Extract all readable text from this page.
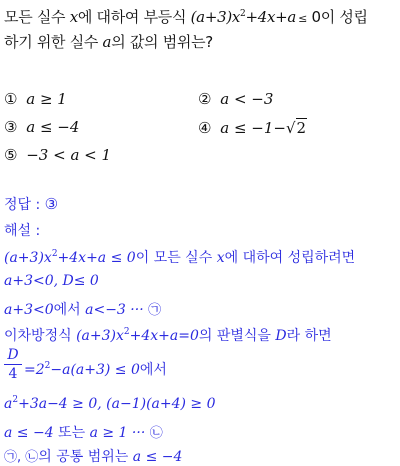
모든 실수 x에 대하여 부등식 $(a+3)x^2+4x+a \le 0$이 성립
하기 위한 실수 a의 값의 범위는?
① a ≥ 1	② a < −3
③ a ≤ −4	④ a ≤ −1−√2
⑤ −3 < a < 1
정답 : ③
해설 :
$(a+3)x^2+4x+a \le 0$이 모든 실수 x에 대하여 성립하려면
a+3<0, D≤ 0
a+3<0에서 a<−3 ··· ㉠
이차방정식 $(a+3)x^2+4x+a=0$의 판별식을 D라 하면
D
$4 =2^2-a(a+3) \le 0$에서
$a^2+3a-4 \ge 0$, (a−1)(a+4) ≥ 0
a ≤ −4 또는 a ≥ 1 ··· ㉡
㉠, ㉡의 공통 범위는 a ≤ −4
